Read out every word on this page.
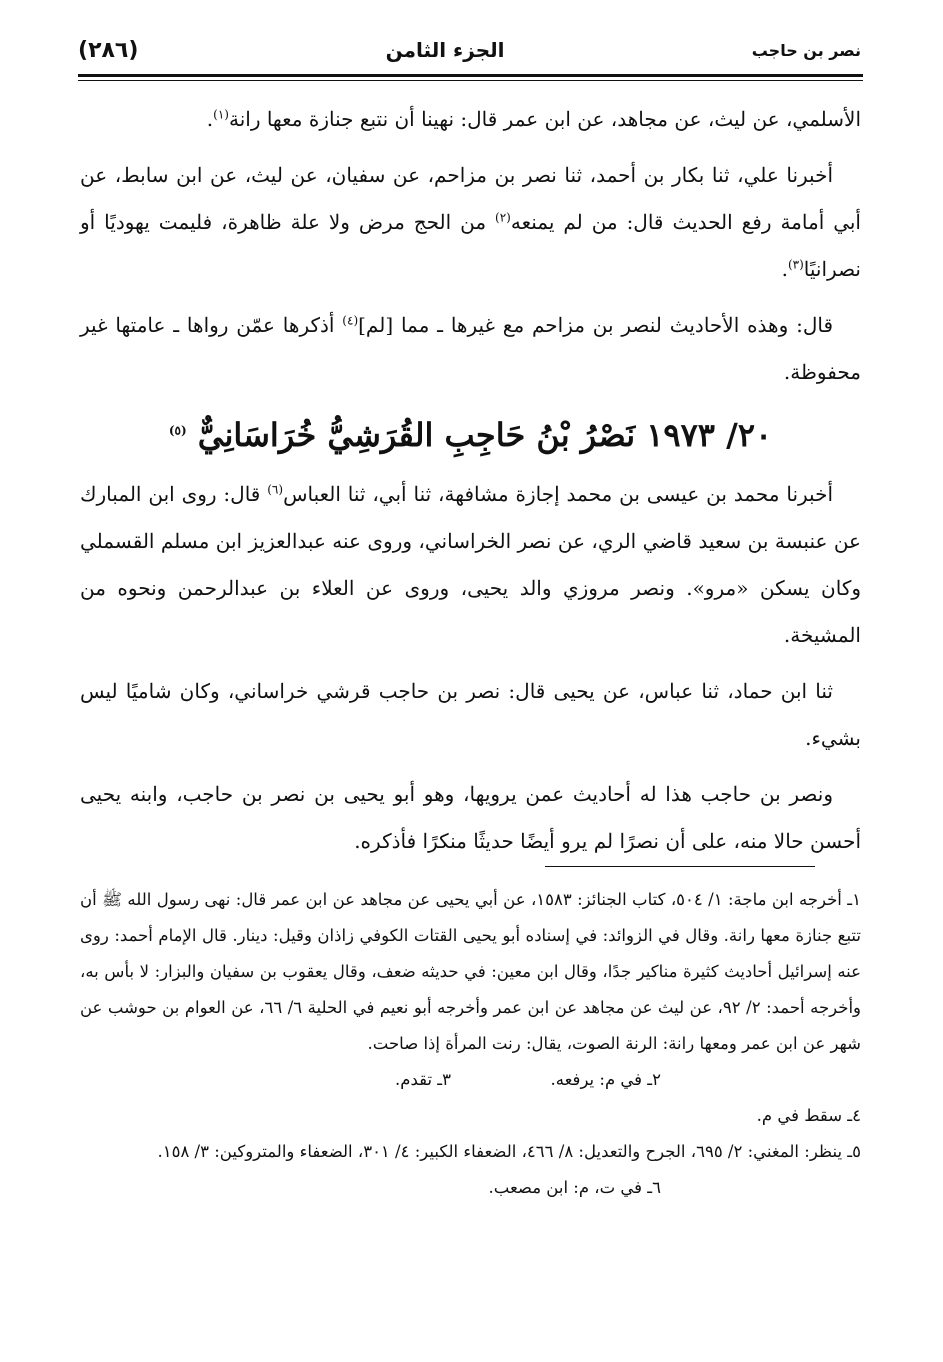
(٢٨٦)	الجزء الثامن	نصر بن حاجب

الأسلمي، عن ليث، عن مجاهد، عن ابن عمر قال: نهينا أن نتبع جنازة معها رانة$^{(١)}$.

أخبرنا علي، ثنا بكار بن أحمد، ثنا نصر بن مزاحم، عن سفيان، عن ليث، عن ابن سابط، عن أبي أمامة رفع الحديث قال: من لم يمنعه$^{(٢)}$ من الحج مرض ولا علة ظاهرة، فليمت يهوديًا أو نصرانيًا$^{(٣)}$.

قال: وهذه الأحاديث لنصر بن مزاحم مع غيرها ـ مما [لم]$^{(٤)}$ أذكرها عمّن رواها ـ عامتها غير محفوظة.

٢٠/ ١٩٧٣ نَصْرُ بْنُ حَاجِبِ القُرَشِيُّ خُرَاسَانِيٌّ $^{(٥)}$

أخبرنا محمد بن عيسى بن محمد إجازة مشافهة، ثنا أبي، ثنا العباس$^{(٦)}$ قال: روى ابن المبارك عن عنبسة بن سعيد قاضي الري، عن نصر الخراساني، وروى عنه عبدالعزيز ابن مسلم القسملي وكان يسكن «مرو». ونصر مروزي والد يحيى، وروى عن العلاء بن عبدالرحمن ونحوه من المشيخة.

ثنا ابن حماد، ثنا عباس، عن يحيى قال: نصر بن حاجب قرشي خراساني، وكان شاميًا ليس بشيء.

ونصر بن حاجب هذا له أحاديث عمن يرويها، وهو أبو يحيى بن نصر بن حاجب، وابنه يحيى أحسن حالا منه، على أن نصرًا لم يرو أيضًا حديثًا منكرًا فأذكره.

١ـ أخرجه ابن ماجة: ١/ ٥٠٤، كتاب الجنائز: ١٥٨٣، عن أبي يحيى عن مجاهد عن ابن عمر قال: نهى رسول الله ﷺ أن تتبع جنازة معها رانة. وقال في الزوائد: في إسناده أبو يحيى القتات الكوفي زاذان وقيل: دينار. قال الإمام أحمد: روى عنه إسرائيل أحاديث كثيرة مناكير جدًا، وقال ابن معين: في حديثه ضعف، وقال يعقوب بن سفيان والبزار: لا بأس به، وأخرجه أحمد: ٢/ ٩٢، عن ليث عن مجاهد عن ابن عمر وأخرجه أبو نعيم في الحلية ٦/ ٦٦، عن العوام بن حوشب عن شهر عن ابن عمر ومعها رانة: الرنة الصوت، يقال: رنت المرأة إذا صاحت.

٢ـ في م: يرفعه.
٣ـ تقدم.

٤ـ سقط في م.

٥ـ ينظر: المغني: ٢/ ٦٩٥، الجرح والتعديل: ٨/ ٤٦٦، الضعفاء الكبير: ٤/ ٣٠١، الضعفاء والمتروكين: ٣/ ١٥٨.

٦ـ في ت، م: ابن مصعب.
